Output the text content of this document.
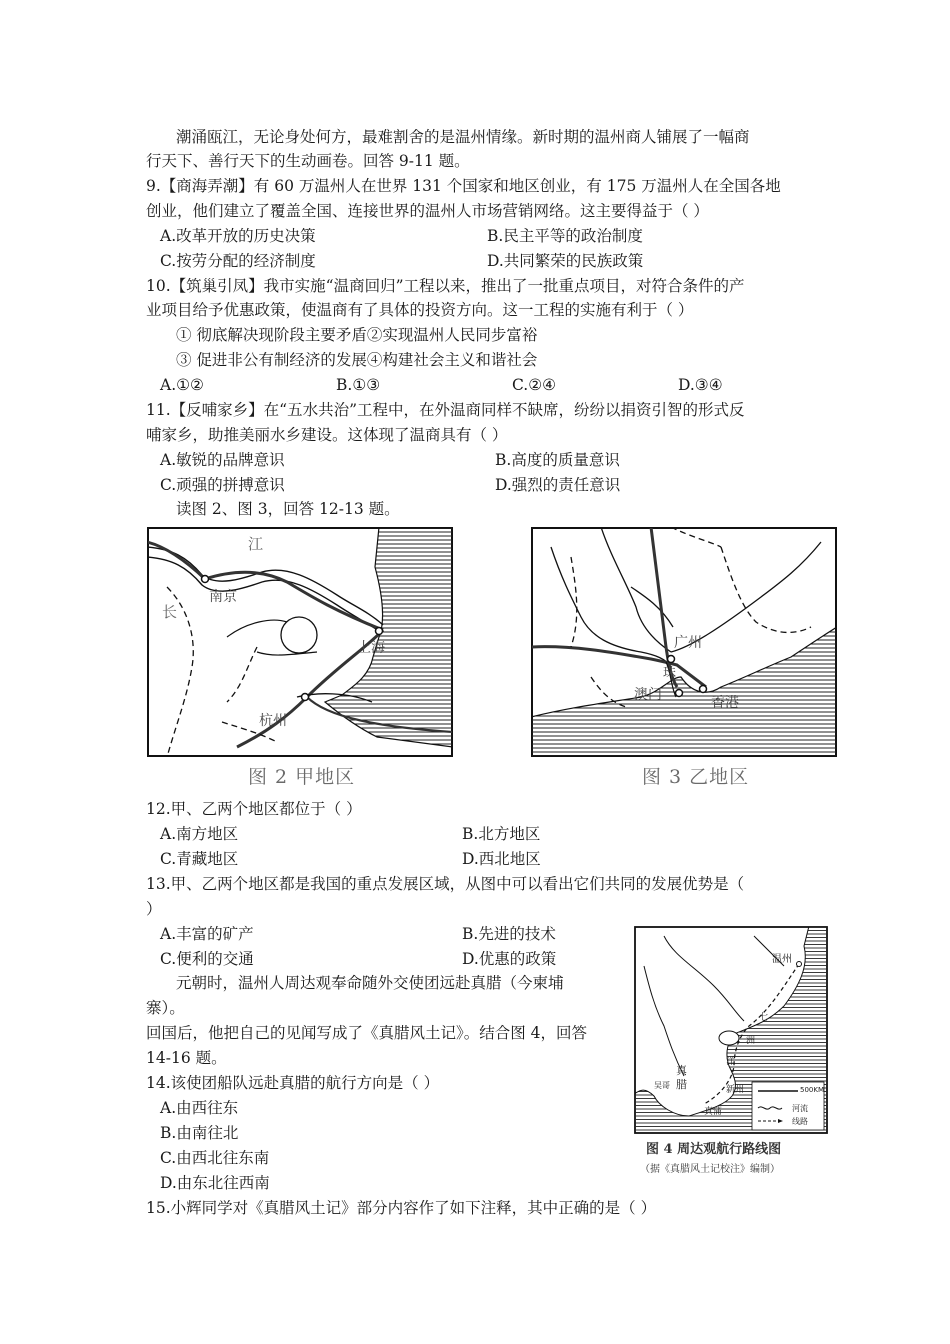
潮涌瓯江，无论身处何方，最难割舍的是温州情缘。新时期的温州商人铺展了一幅商
行天下、善行天下的生动画卷。回答 9-11 题。
9.【商海弄潮】有 60 万温州人在世界 131 个国家和地区创业，有 175 万温州人在全国各地
创业，他们建立了覆盖全国、连接世界的温州人市场营销网络。这主要得益于（ ）
A.改革开放的历史决策	B.民主平等的政治制度
C.按劳分配的经济制度	D.共同繁荣的民族政策
10.【筑巢引凤】我市实施“温商回归”工程以来，推出了一批重点项目，对符合条件的产
业项目给予优惠政策，使温商有了具体的投资方向。这一工程的实施有利于（ ）
① 彻底解决现阶段主要矛盾②实现温州人民同步富裕
③ 促进非公有制经济的发展④构建社会主义和谐社会
A.①②	B.①③	C.②④	D.③④
11.【反哺家乡】在“五水共治”工程中，在外温商同样不缺席，纷纷以捐资引智的形式反
哺家乡，助推美丽水乡建设。这体现了温商具有（ ）
A.敏锐的品牌意识	B.高度的质量意识
C.顽强的拼搏意识	D.强烈的责任意识
读图 2、图 3，回答 12-13 题。
江
长
南京
上海
杭州
图 2 甲地区
广州
珠
澳门	香港
图 3 乙地区
12.甲、乙两个地区都位于（ ）
A.南方地区	B.北方地区
C.青藏地区	D.西北地区
13.甲、乙两个地区都是我国的重点发展区域，从图中可以看出它们共同的发展优势是（
）
A.丰富的矿产	B.先进的技术
C.便利的交通	D.优惠的政策
元朝时，温州人周达观奉命随外交使团远赴真腊（今柬埔
寨）。
回国后，他把自己的见闻写成了《真腊风土记》。结合图 4，回答
14-16 题。
14.该使团船队远赴真腊的航行方向是（ ）
A.由西往东
B.由南往北
C.由西北往东南
D.由东北往西南
15.小辉同学对《真腊风土记》部分内容作了如下注释，其中正确的是（ ）
温州
七
洲
洋
真
腊
吴哥	新州
真蒲
500KM
河流
线路
图 4 周达观航行路线图
（据《真腊风土记校注》编制）
